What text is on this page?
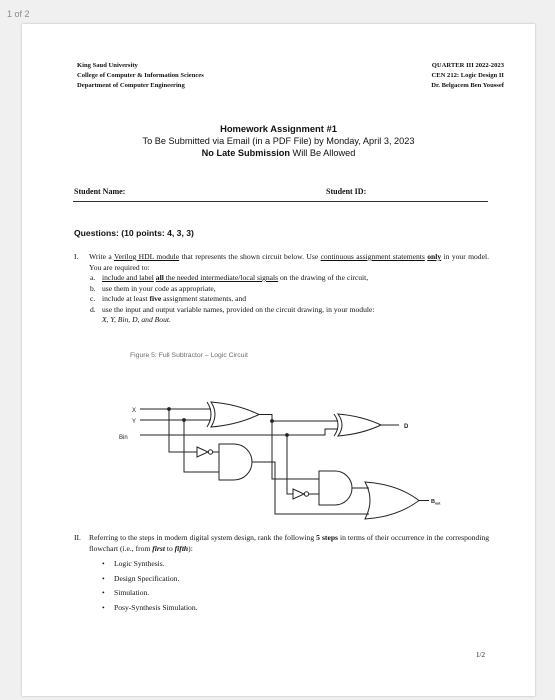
1 of 2
King Saud University
College of Computer & Information Sciences
Department of Computer Engineering
QUARTER III 2022-2023
CEN 212: Logic Design II
Dr. Belgacem Ben Youssef
Homework Assignment #1
To Be Submitted via Email (in a PDF File) by Monday, April 3, 2023
No Late Submission Will Be Allowed
Student Name:	Student ID:
Questions: (10 points: 4, 3, 3)
I. Write a Verilog HDL module that represents the shown circuit below. Use continuous assignment statements only in your model. You are required to:
a. include and label all the needed intermediate/local signals on the drawing of the circuit,
b. use them in your code as appropriate,
c. include at least five assignment statements, and
d. use the input and output variable names, provided on the circuit drawing, in your module:
X, Y, Bin, D, and Bout.
Figure 5: Full Subtractor – Logic Circuit
X
Y
Bin
D
$B_{out}$
II. Referring to the steps in modern digital system design, rank the following 5 steps in terms of their occurrence in the corresponding flowchart (i.e., from first to fifth):
• Logic Synthesis.
• Design Specification.
• Simulation.
• Posy-Synthesis Simulation.
1/2
